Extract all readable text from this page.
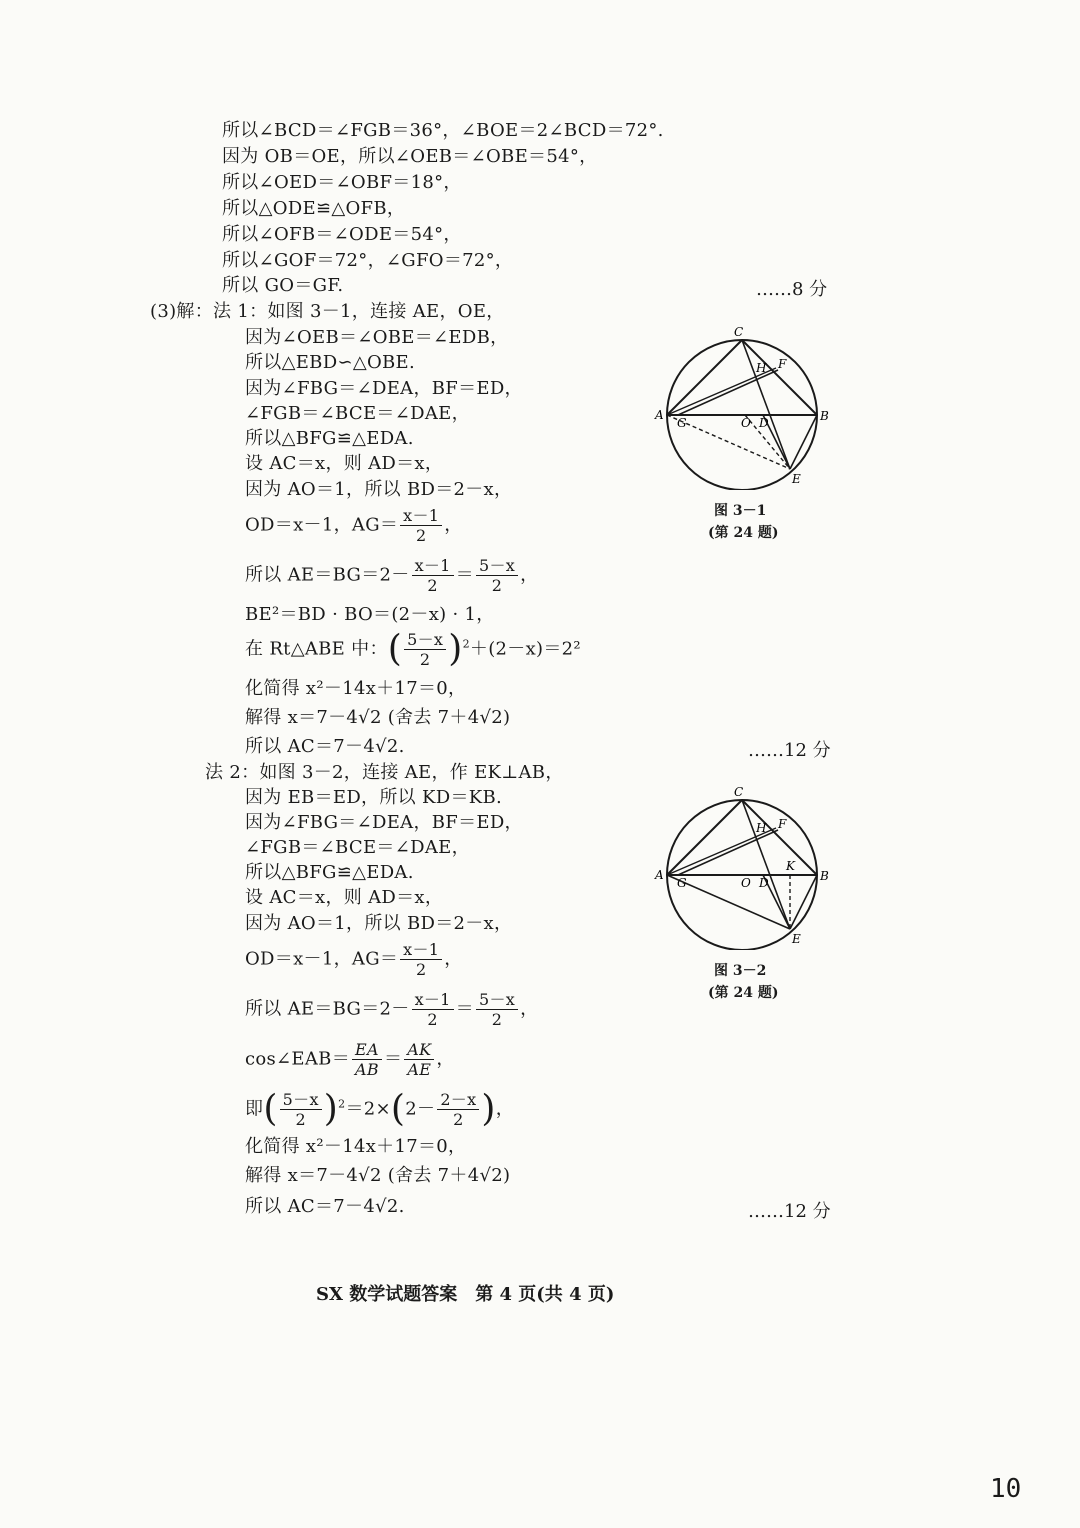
所以∠BCD＝∠FGB＝36°，∠BOE＝2∠BCD＝72°.
因为 OB＝OE，所以∠OEB＝∠OBE＝54°，
所以∠OED＝∠OBF＝18°，
所以△ODE≌△OFB，
所以∠OFB＝∠ODE＝54°，
所以∠GOF＝72°，∠GFO＝72°，
所以 GO＝GF.	……8 分
(3)解：法 1：如图 3－1，连接 AE，OE，
因为∠OEB＝∠OBE＝∠EDB，
所以△EBD∽△OBE.
因为∠FBG＝∠DEA，BF＝ED，
∠FGB＝∠BCE＝∠DAE，
所以△BFG≌△EDA.
设 AC＝x，则 AD＝x，
因为 AO＝1，所以 BD＝2－x，
OD＝x－1，$AG= \frac{x-1}{2}$ ，
所以 $AE=BG=2- \frac{x-1}{2} = \frac{5-x}{2}$ ，
BE²＝BD · BO＝(2－x) · 1，
在 Rt△ABE 中：( $\frac{5-x}{2} )^2+(2-x)=2^2$
化简得 x²－14x＋17＝0，
解得 x＝7－4√2 (舍去 7＋4√2)
所以 AC＝7－4√2.	……12 分
法 2：如图 3－2，连接 AE，作 EK⊥AB，
因为 EB＝ED，所以 KD＝KB.
因为∠FBG＝∠DEA，BF＝ED，
∠FGB＝∠BCE＝∠DAE，
所以△BFG≌△EDA.
设 AC＝x，则 AD＝x，
因为 AO＝1，所以 BD＝2－x，
OD＝x－1，$AG= \frac{x-1}{2}$ ，
所以 $AE=BG=2- \frac{x-1}{2} = \frac{5-x}{2}$ ，
cos∠EAB＝ $\frac{EA}{AB} = \frac{AK}{AE}$ ，
即( $\frac{5-x}{2} )^2=2\times(2- \frac{2-x}{2}$ )，
化简得 x²－14x＋17＝0，
解得 x＝7－4√2 (舍去 7＋4√2)
所以 AC＝7－4√2.	……12 分
A	B
C
E
F
H
O D
G
图 3－1
(第 24 题)
A	B
C
E
F
H
O D
G
K
图 3－2
(第 24 题)
SX 数学试题答案　第 4 页(共 4 页)
10
